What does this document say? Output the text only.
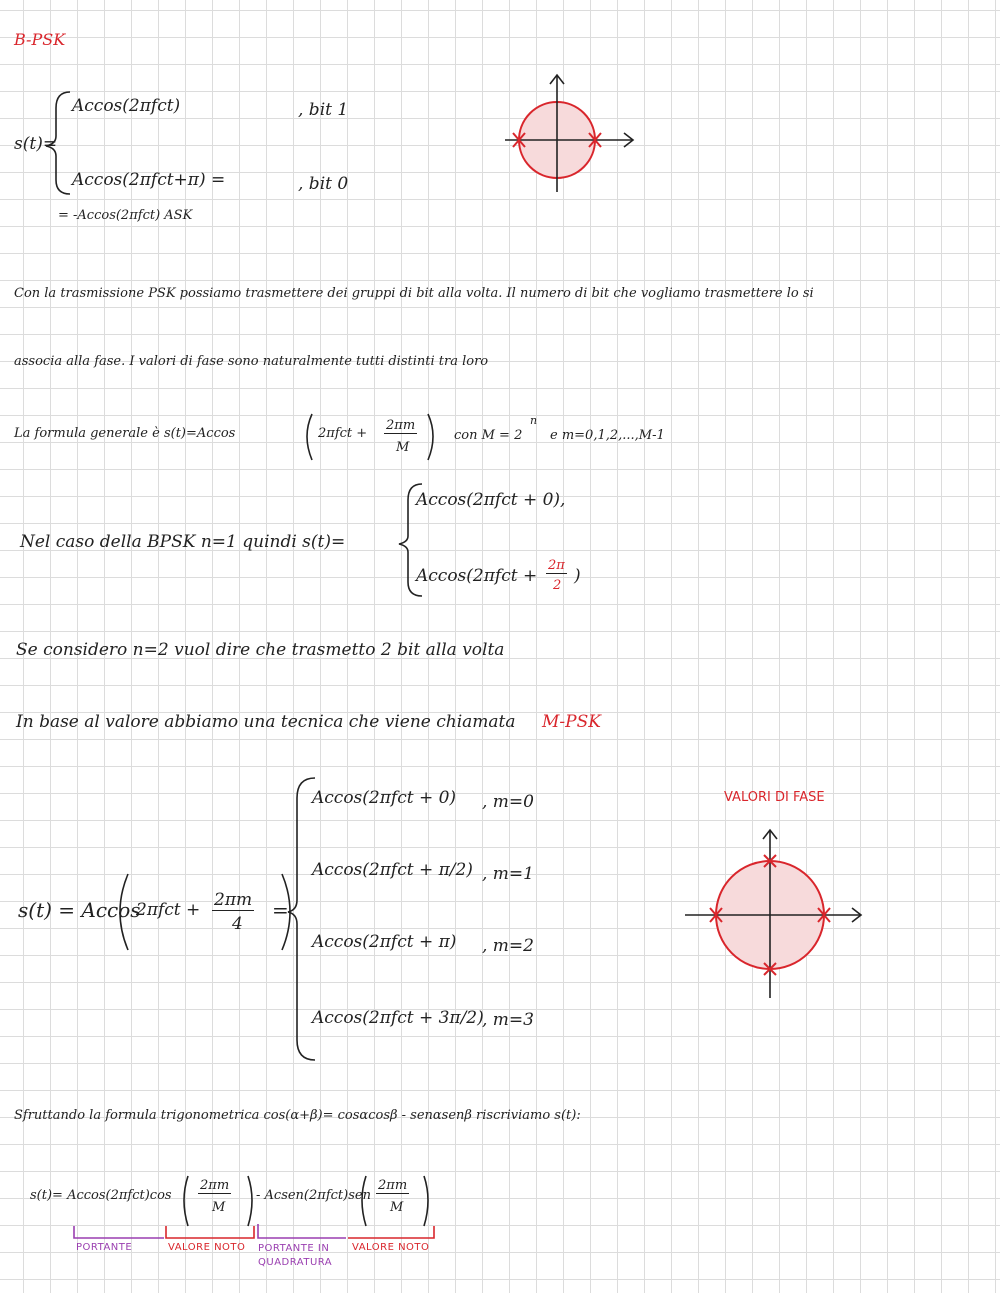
B-PSK
s(t)=
Accos(2πfct)	, bit 1
Accos(2πfct+π) =	, bit 0
= -Accos(2πfct) ASK
Con la trasmissione PSK possiamo trasmettere dei gruppi di bit alla volta. Il numero di bit che vogliamo trasmettere lo si
associa alla fase. I valori di fase sono naturalmente tutti distinti tra loro
La formula generale è s(t)=Accos	2πfct +
2πm
M
con M = 2
n
e m=0,1,2,...,M-1
Nel caso della BPSK n=1 quindi s(t)=
Accos(2πfct + 0),
Accos(2πfct +
2π
2 )
Se considero n=2 vuol dire che trasmetto 2 bit alla volta
In base al valore abbiamo una tecnica che viene chiamata M-PSK
s(t) = Accos
2πfct + 2πm
4
=
Accos(2πfct + 0) , m=0
Accos(2πfct + π/2) , m=1
Accos(2πfct + π) , m=2
Accos(2πfct + 3π/2)
, m=3
VALORI DI FASE
Sfruttando la formula trigonometrica cos(α+β)= cosαcosβ - senαsenβ riscriviamo s(t):
s(t)= Accos(2πfct)cos
2πm
M
- Acsen(2πfct)sen
2πm
M
PORTANTE	VALORE NOTO PORTANTE IN QUADRATURA
VALORE NOTO
